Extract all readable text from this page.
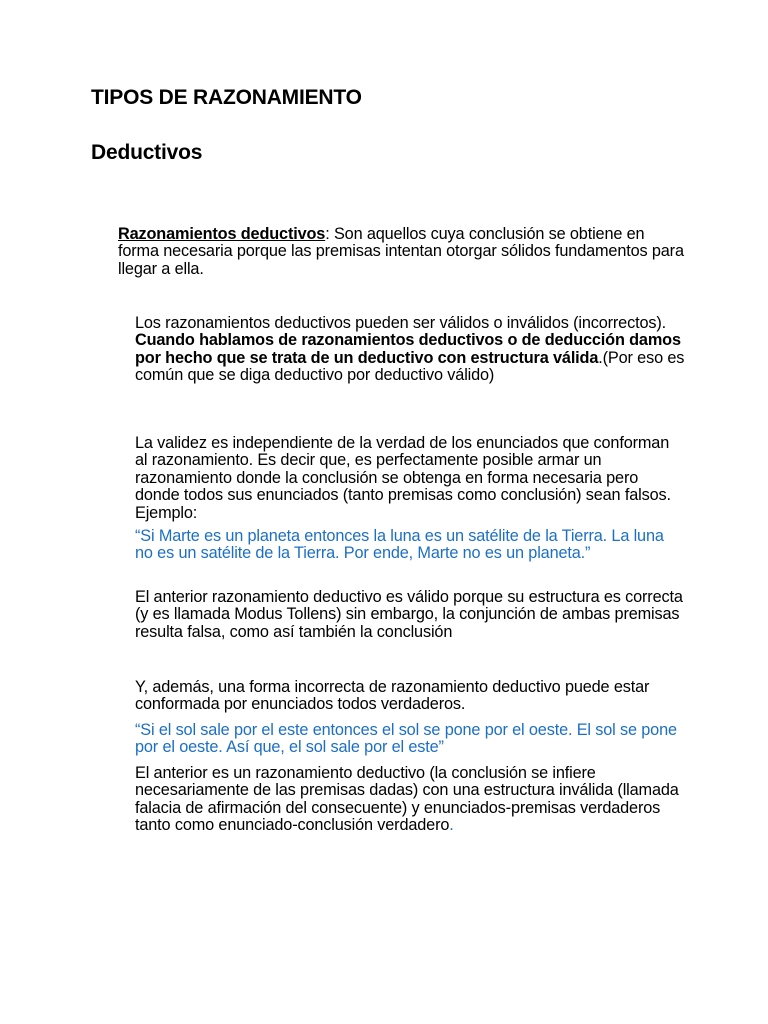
TIPOS DE RAZONAMIENTO
Deductivos

Razonamientos deductivos: Son aquellos cuya conclusión se obtiene en forma necesaria porque las premisas intentan otorgar sólidos fundamentos para llegar a ella.

Los razonamientos deductivos pueden ser válidos o inválidos (incorrectos). Cuando hablamos de razonamientos deductivos o de deducción damos por hecho que se trata de un deductivo con estructura válida.(Por eso es común que se diga deductivo por deductivo válido)

La validez es independiente de la verdad de los enunciados que conforman al razonamiento. Es decir que, es perfectamente posible armar un razonamiento donde la conclusión se obtenga en forma necesaria pero donde todos sus enunciados (tanto premisas como conclusión) sean falsos. Ejemplo:

“Si Marte es un planeta entonces la luna es un satélite de la Tierra. La luna no es un satélite de la Tierra. Por ende, Marte no es un planeta.”

El anterior razonamiento deductivo es válido porque su estructura es correcta (y es llamada Modus Tollens) sin embargo, la conjunción de ambas premisas resulta falsa, como así también la conclusión

Y, además, una forma incorrecta de razonamiento deductivo puede estar conformada por enunciados todos verdaderos.

“Si el sol sale por el este entonces el sol se pone por el oeste. El sol se pone por el oeste. Así que, el sol sale por el este”

El anterior es un razonamiento deductivo (la conclusión se infiere necesariamente de las premisas dadas) con una estructura inválida (llamada falacia de afirmación del consecuente) y enunciados-premisas verdaderos tanto como enunciado-conclusión verdadero.
